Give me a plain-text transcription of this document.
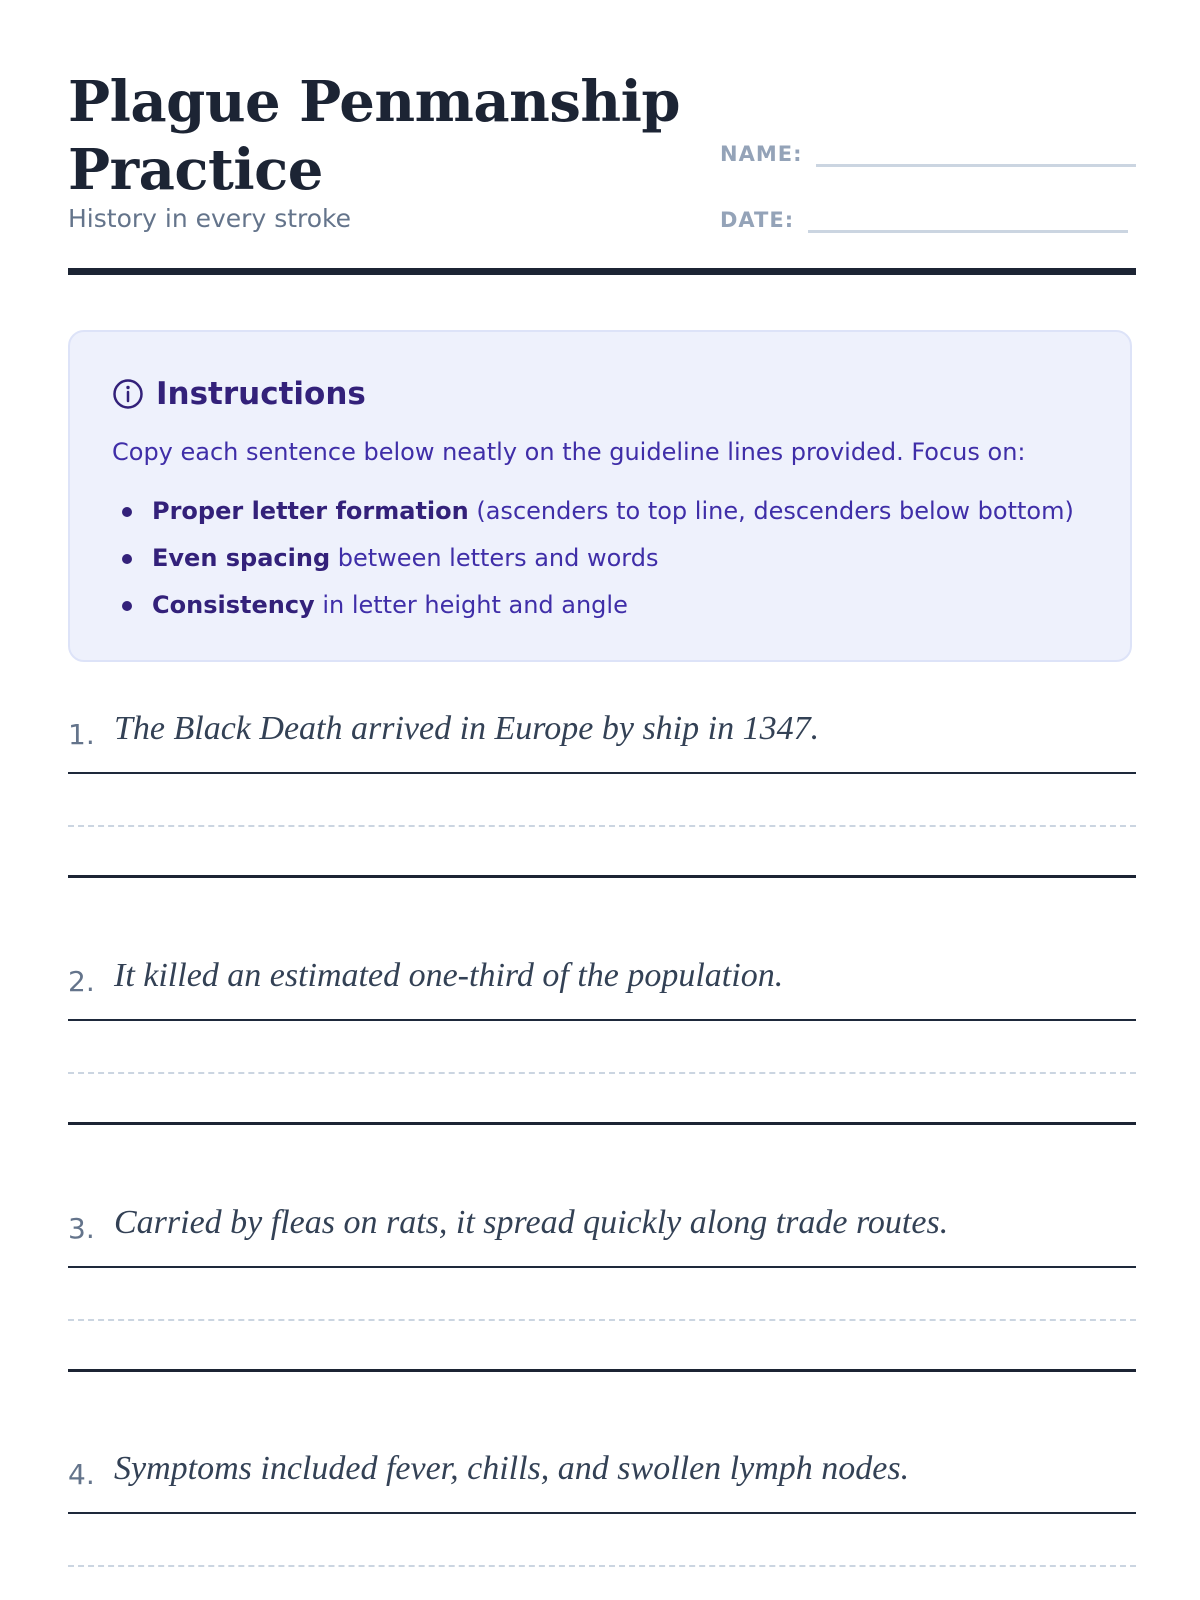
Plague Penmanship Practice
History in every stroke
NAME:
DATE:
Instructions
Copy each sentence below neatly on the guideline lines provided. Focus on:
Proper letter formation (ascenders to top line, descenders below bottom)
Even spacing between letters and words
Consistency in letter height and angle
1. The Black Death arrived in Europe by ship in 1347.
2. It killed an estimated one-third of the population.
3. Carried by fleas on rats, it spread quickly along trade routes.
4. Symptoms included fever, chills, and swollen lymph nodes.
